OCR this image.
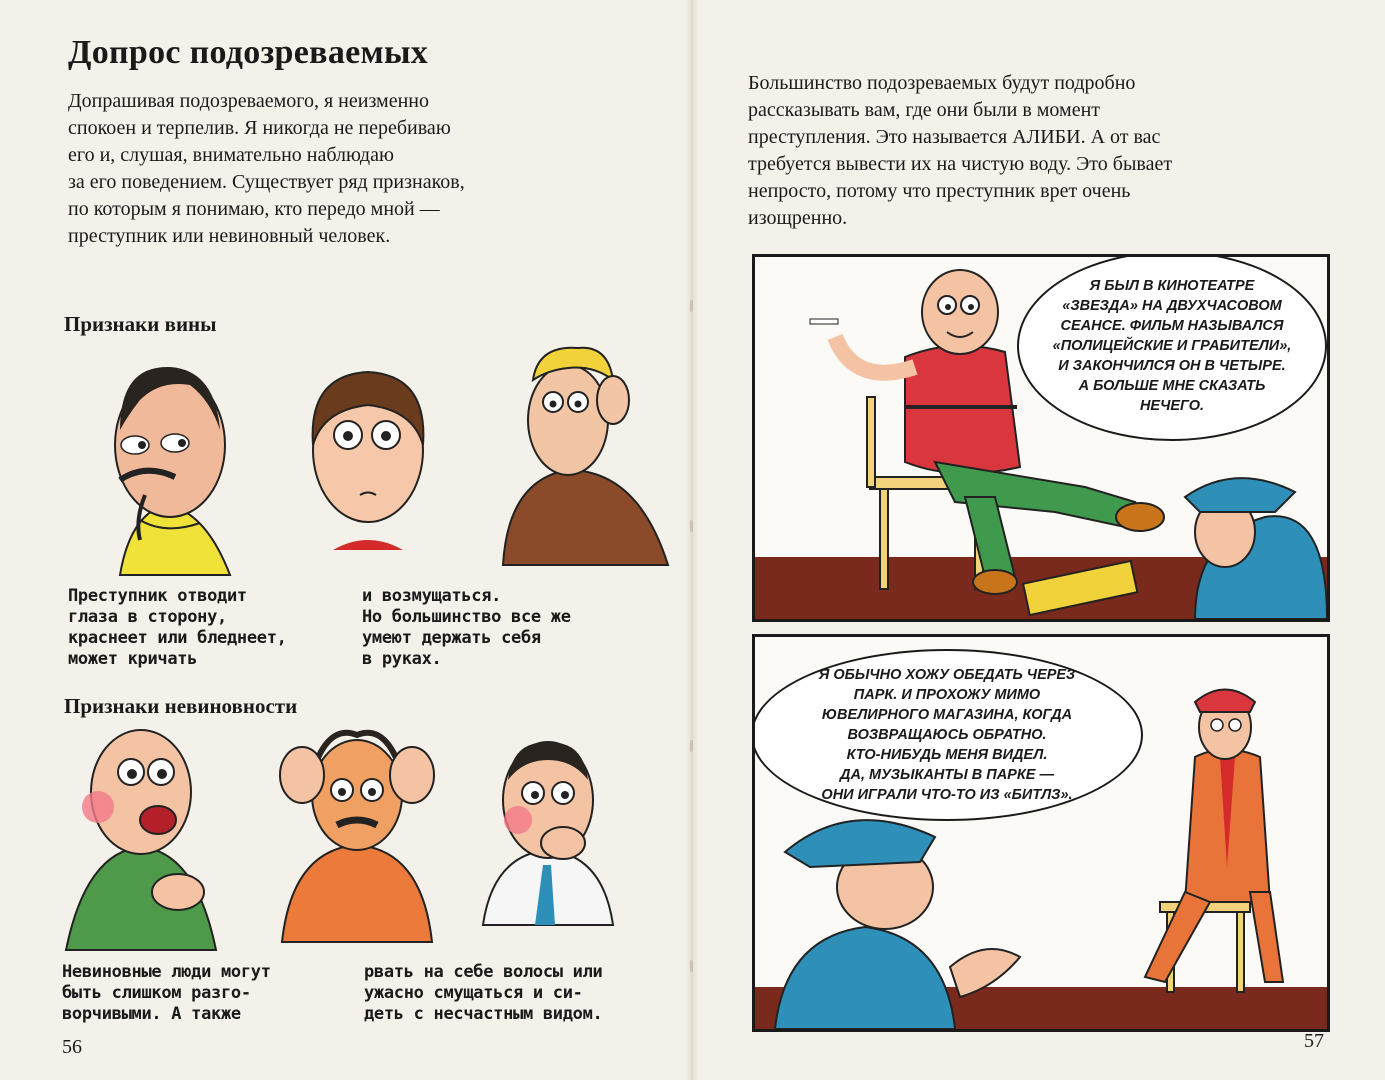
Допрос подозреваемых
Допрашивая подозреваемого, я неизменно
спокоен и терпелив. Я никогда не перебиваю
его и, слушая, внимательно наблюдаю
за его поведением. Существует ряд признаков,
по которым я понимаю, кто передо мной —
преступник или невиновный человек.
Признаки вины
Преступник отводит
глаза в сторону,
краснеет или бледнеет,
может кричать
и возмущаться.
Но большинство все же
умеют держать себя
в руках.
Признаки невиновности
Невиновные люди могут
быть слишком разго-
ворчивыми. А также
рвать на себе волосы или
ужасно смущаться и си-
деть с несчастным видом.
56
Большинство подозреваемых будут подробно
рассказывать вам, где они были в момент
преступления. Это называется АЛИБИ. А от вас
требуется вывести их на чистую воду. Это бывает
непросто, потому что преступник врет очень
изощренно.
Я БЫЛ В КИНОТЕАТРЕ
«ЗВЕЗДА» НА ДВУХЧАСОВОМ
СЕАНСЕ. ФИЛЬМ НАЗЫВАЛСЯ
«ПОЛИЦЕЙСКИЕ И ГРАБИТЕЛИ»,
И ЗАКОНЧИЛСЯ ОН В ЧЕТЫРЕ.
А БОЛЬШЕ МНЕ СКАЗАТЬ
НЕЧЕГО.
Я ОБЫЧНО ХОЖУ ОБЕДАТЬ ЧЕРЕЗ
ПАРК. И ПРОХОЖУ МИМО
ЮВЕЛИРНОГО МАГАЗИНА, КОГДА
ВОЗВРАЩАЮСЬ ОБРАТНО.
КТО-НИБУДЬ МЕНЯ ВИДЕЛ.
ДА, МУЗЫКАНТЫ В ПАРКЕ —
ОНИ ИГРАЛИ ЧТО-ТО ИЗ «БИТЛЗ».
57
